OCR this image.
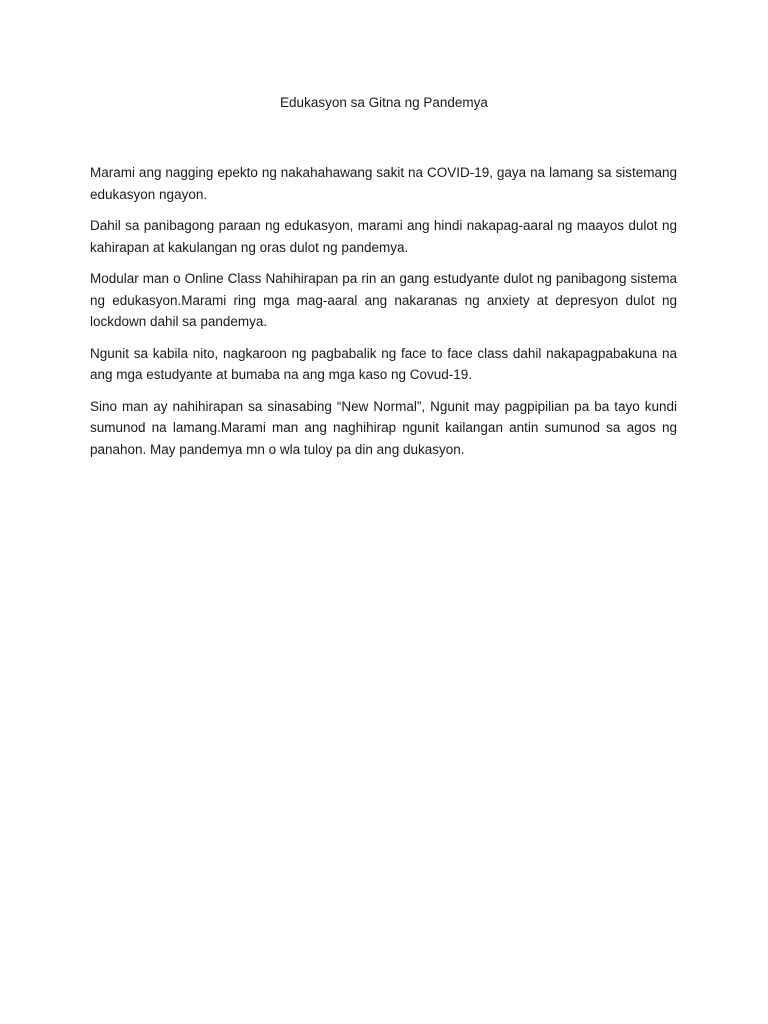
Edukasyon sa Gitna ng Pandemya

Marami ang nagging epekto ng nakahahawang sakit na COVID-19, gaya na lamang sa sistemang edukasyon ngayon.

Dahil sa panibagong paraan ng edukasyon, marami ang hindi nakapag-aaral ng maayos dulot ng kahirapan at kakulangan ng oras dulot ng pandemya.

Modular man o Online Class Nahihirapan pa rin an gang estudyante dulot ng panibagong sistema ng edukasyon.Marami ring mga mag-aaral ang nakaranas ng anxiety at depresyon dulot ng lockdown dahil sa pandemya.

Ngunit sa kabila nito, nagkaroon ng pagbabalik ng face to face class dahil nakapagpabakuna na ang mga estudyante at bumaba na ang mga kaso ng Covud-19.

Sino man ay nahihirapan sa sinasabing “New Normal”, Ngunit may pagpipilian pa ba tayo kundi sumunod na lamang.Marami man ang naghihirap ngunit kailangan antin sumunod sa agos ng panahon. May pandemya mn o wla tuloy pa din ang dukasyon.
